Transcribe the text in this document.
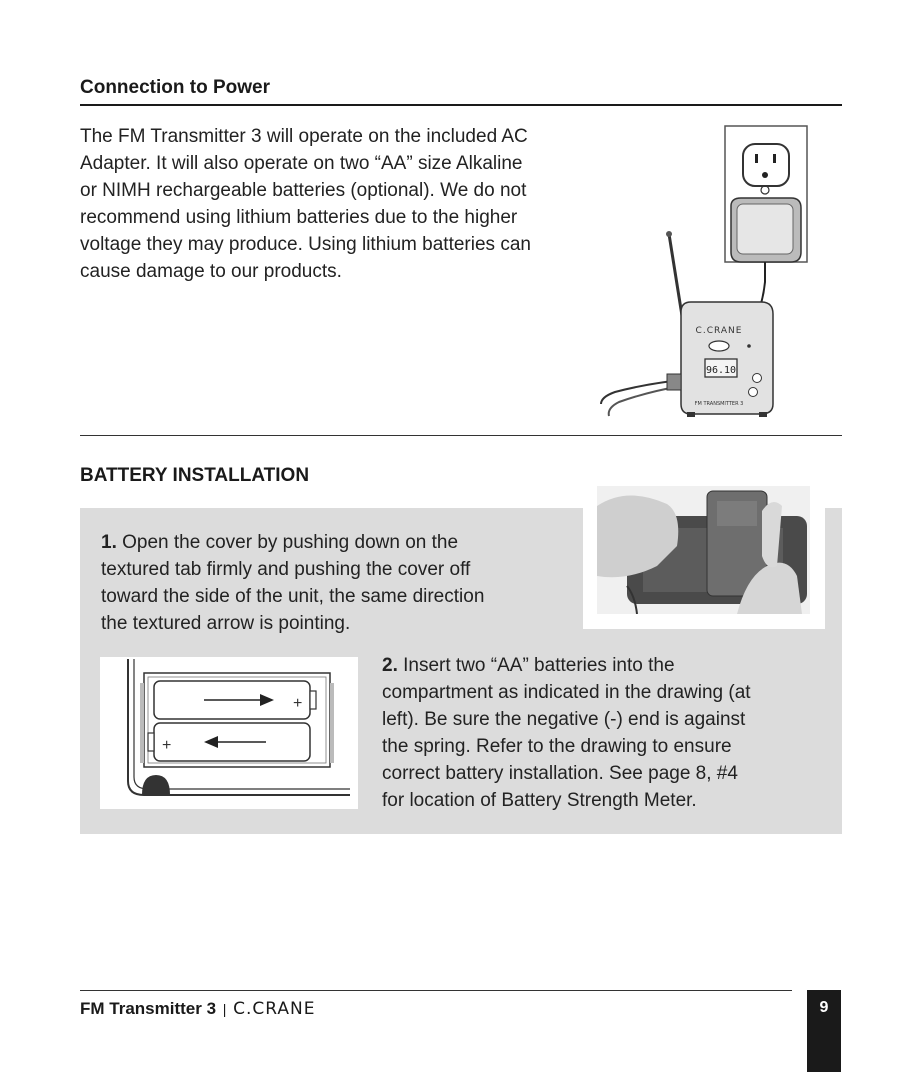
Connection to Power
The FM Transmitter 3 will operate on the included AC
Adapter. It will also operate on two “AA” size Alkaline
or NIMH rechargeable batteries (optional). We do not
recommend using lithium batteries due to the higher
voltage they may produce. Using lithium batteries can
cause damage to our products.
C.CRANE
96.10
FM TRANSMITTER 3
BATTERY INSTALLATION
1. Open the cover by pushing down on the
textured tab firmly and pushing the cover off
toward the side of the unit, the same direction
the textured arrow is pointing.
+
+
2. Insert two “AA” batteries into the
compartment as indicated in the drawing (at
left). Be sure the negative (-) end is against
the spring. Refer to the drawing to ensure
correct battery installation. See page 8, #4
for location of Battery Strength Meter.
FM Transmitter 3 | C.CRANE	9
